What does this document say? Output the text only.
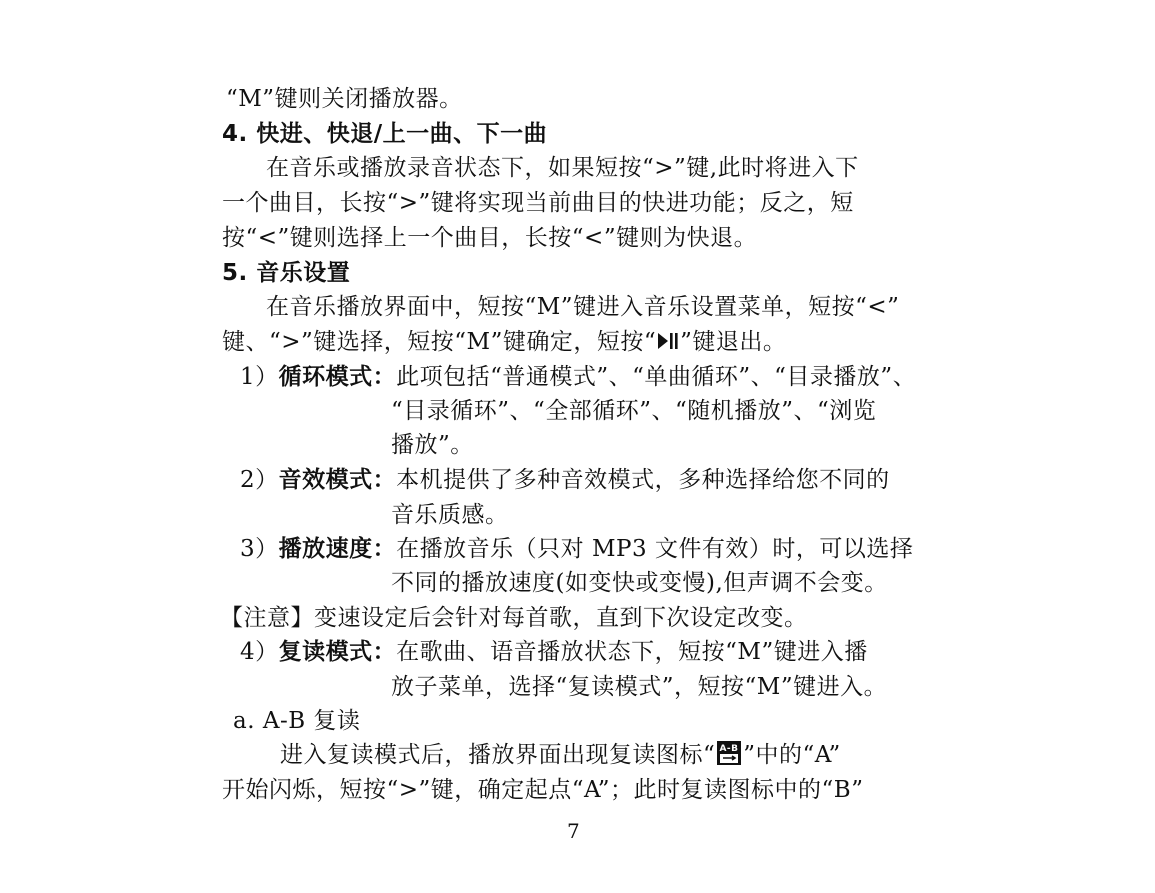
“M”键则关闭播放器。
4. 快进、快退/上一曲、下一曲
在音乐或播放录音状态下，如果短按“>”键,此时将进入下
一个曲目，长按“>”键将实现当前曲目的快进功能；反之，短
按“<”键则选择上一个曲目，长按“<”键则为快退。
5. 音乐设置
在音乐播放界面中，短按“M”键进入音乐设置菜单，短按“<”
键、“>”键选择，短按“M”键确定，短按“ ”键退出。
1）循环模式：此项包括“普通模式”、“单曲循环”、“目录播放”、
“目录循环”、“全部循环”、“随机播放”、“浏览
播放”。
2）音效模式：本机提供了多种音效模式，多种选择给您不同的
音乐质感。
3）播放速度：在播放音乐（只对 MP3 文件有效）时，可以选择
不同的播放速度(如变快或变慢),但声调不会变。
【注意】变速设定后会针对每首歌，直到下次设定改变。
4）复读模式：在歌曲、语音播放状态下，短按“M”键进入播
放子菜单，选择“复读模式”，短按“M”键进入。
a. A-B 复读
进入复读模式后，播放界面出现复读图标“ A-B ”中的“A”
开始闪烁，短按“>”键，确定起点“A”；此时复读图标中的“B”
7
